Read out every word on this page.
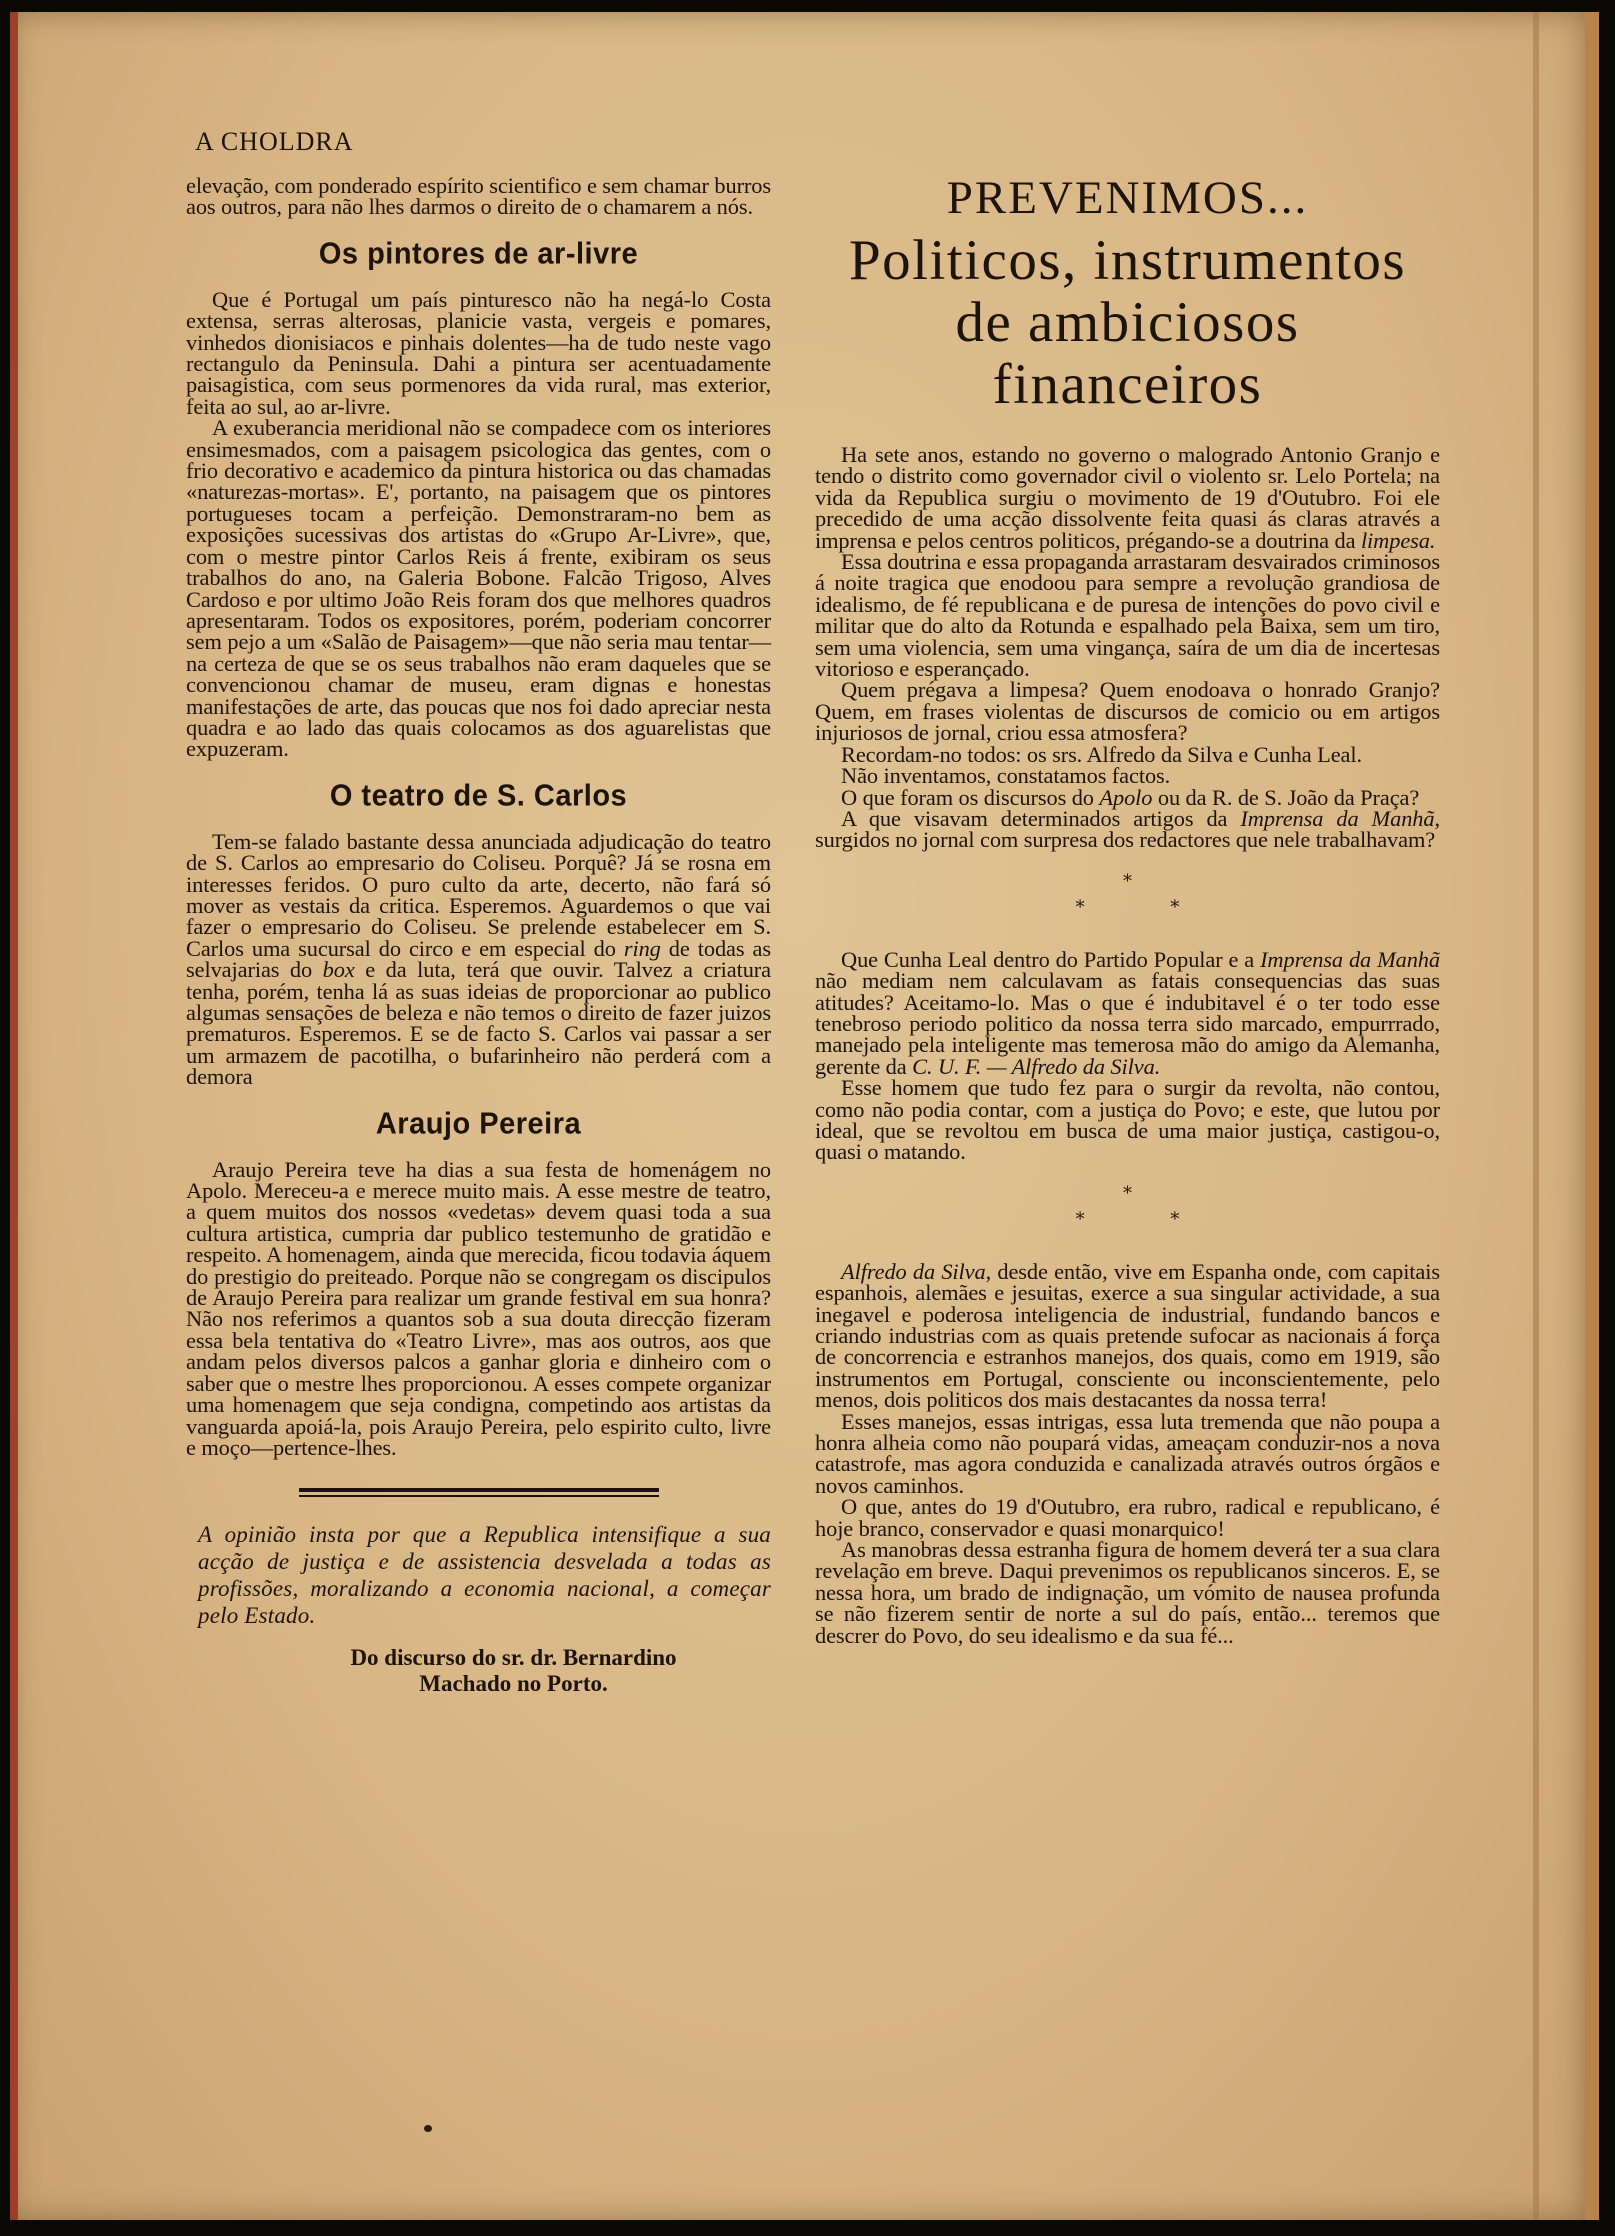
A CHOLDRA

elevação, com ponderado espírito scientifico e sem chamar burros aos outros, para não lhes darmos o direito de o chamarem a nós.

Os pintores de ar-livre

Que é Portugal um país pinturesco não ha negá-lo Costa extensa, serras alterosas, planicie vasta, vergeis e pomares, vinhedos dionisiacos e pinhais dolentes—ha de tudo neste vago rectangulo da Peninsula. Dahi a pintura ser acentuadamente paisagistica, com seus pormenores da vida rural, mas exterior, feita ao sul, ao ar-livre.

A exuberancia meridional não se compadece com os interiores ensimesmados, com a paisagem psicologica das gentes, com o frio decorativo e academico da pintura historica ou das chamadas «naturezas-mortas». E', portanto, na paisagem que os pintores portugueses tocam a perfeição. Demonstraram-no bem as exposições sucessivas dos artistas do «Grupo Ar-Livre», que, com o mestre pintor Carlos Reis á frente, exibiram os seus trabalhos do ano, na Galeria Bobone. Falcão Trigoso, Alves Cardoso e por ultimo João Reis foram dos que melhores quadros apresentaram. Todos os expositores, porém, poderiam concorrer sem pejo a um «Salão de Paisagem»—que não seria mau tentar—na certeza de que se os seus trabalhos não eram daqueles que se convencionou chamar de museu, eram dignas e honestas manifestações de arte, das poucas que nos foi dado apreciar nesta quadra e ao lado das quais colocamos as dos aguarelistas que expuzeram.

O teatro de S. Carlos

Tem-se falado bastante dessa anunciada adjudicação do teatro de S. Carlos ao empresario do Coliseu. Porquê? Já se rosna em interesses feridos. O puro culto da arte, decerto, não fará só mover as vestais da critica. Esperemos. Aguardemos o que vai fazer o empresario do Coliseu. Se prelende estabelecer em S. Carlos uma sucursal do circo e em especial do ring de todas as selvajarias do box e da luta, terá que ouvir. Talvez a criatura tenha, porém, tenha lá as suas ideias de proporcionar ao publico algumas sensações de beleza e não temos o direito de fazer juizos prematuros. Esperemos. E se de facto S. Carlos vai passar a ser um armazem de pacotilha, o bufarinheiro não perderá com a demora

Araujo Pereira

Araujo Pereira teve ha dias a sua festa de homenágem no Apolo. Mereceu-a e merece muito mais. A esse mestre de teatro, a quem muitos dos nossos «vedetas» devem quasi toda a sua cultura artistica, cumpria dar publico testemunho de gratidão e respeito. A homenagem, ainda que merecida, ficou todavia áquem do prestigio do preiteado. Porque não se congregam os discipulos de Araujo Pereira para realizar um grande festival em sua honra? Não nos referimos a quantos sob a sua douta direcção fizeram essa bela tentativa do «Teatro Livre», mas aos outros, aos que andam pelos diversos palcos a ganhar gloria e dinheiro com o saber que o mestre lhes proporcionou. A esses compete organizar uma homenagem que seja condigna, competindo aos artistas da vanguarda apoiá-la, pois Araujo Pereira, pelo espirito culto, livre e moço—pertence-lhes.

A opinião insta por que a Republica intensifique a sua acção de justiça e de assistencia desvelada a todas as profissões, moralizando a economia nacional, a começar pelo Estado.

Do discurso do sr. dr. Bernardino

Machado no Porto.

PREVENIMOS...
Politicos, instrumentos
de ambiciosos
financeiros

Ha sete anos, estando no governo o malogrado Antonio Granjo e tendo o distrito como governador civil o violento sr. Lelo Portela; na vida da Republica surgiu o movimento de 19 d'Outubro. Foi ele precedido de uma acção dissolvente feita quasi ás claras através a imprensa e pelos centros politicos, prégando-se a doutrina da limpesa.

Essa doutrina e essa propaganda arrastaram desvairados criminosos á noite tragica que enodoou para sempre a revolução grandiosa de idealismo, de fé republicana e de puresa de intenções do povo civil e militar que do alto da Rotunda e espalhado pela Baixa, sem um tiro, sem uma violencia, sem uma vingança, saíra de um dia de incertesas vitorioso e esperançado.

Quem prégava a limpesa? Quem enodoava o honrado Granjo? Quem, em frases violentas de discursos de comicio ou em artigos injuriosos de jornal, criou essa atmosfera?

Recordam-no todos: os srs. Alfredo da Silva e Cunha Leal.

Não inventamos, constatamos factos.

O que foram os discursos do Apolo ou da R. de S. João da Praça?

A que visavam determinados artigos da Imprensa da Manhã, surgidos no jornal com surpresa dos redactores que nele trabalhavam?

*
* *

Que Cunha Leal dentro do Partido Popular e a Imprensa da Manhã não mediam nem calculavam as fatais consequencias das suas atitudes? Aceitamo-lo. Mas o que é indubitavel é o ter todo esse tenebroso periodo politico da nossa terra sido marcado, empurrrado, manejado pela inteligente mas temerosa mão do amigo da Alemanha, gerente da C. U. F. — Alfredo da Silva.

Esse homem que tudo fez para o surgir da revolta, não contou, como não podia contar, com a justiça do Povo; e este, que lutou por ideal, que se revoltou em busca de uma maior justiça, castigou-o, quasi o matando.

*
* *

Alfredo da Silva, desde então, vive em Espanha onde, com capitais espanhois, alemães e jesuitas, exerce a sua singular actividade, a sua inegavel e poderosa inteligencia de industrial, fundando bancos e criando industrias com as quais pretende sufocar as nacionais á força de concorrencia e estranhos manejos, dos quais, como em 1919, são instrumentos em Portugal, consciente ou inconscientemente, pelo menos, dois politicos dos mais destacantes da nossa terra!

Esses manejos, essas intrigas, essa luta tremenda que não poupa a honra alheia como não poupará vidas, ameaçam conduzir-nos a nova catastrofe, mas agora conduzida e canalizada através outros órgãos e novos caminhos.

O que, antes do 19 d'Outubro, era rubro, radical e republicano, é hoje branco, conservador e quasi monarquico!

As manobras dessa estranha figura de homem deverá ter a sua clara revelação em breve. Daqui prevenimos os republicanos sinceros. E, se nessa hora, um brado de indignação, um vómito de nausea profunda se não fizerem sentir de norte a sul do país, então... teremos que descrer do Povo, do seu idealismo e da sua fé...
